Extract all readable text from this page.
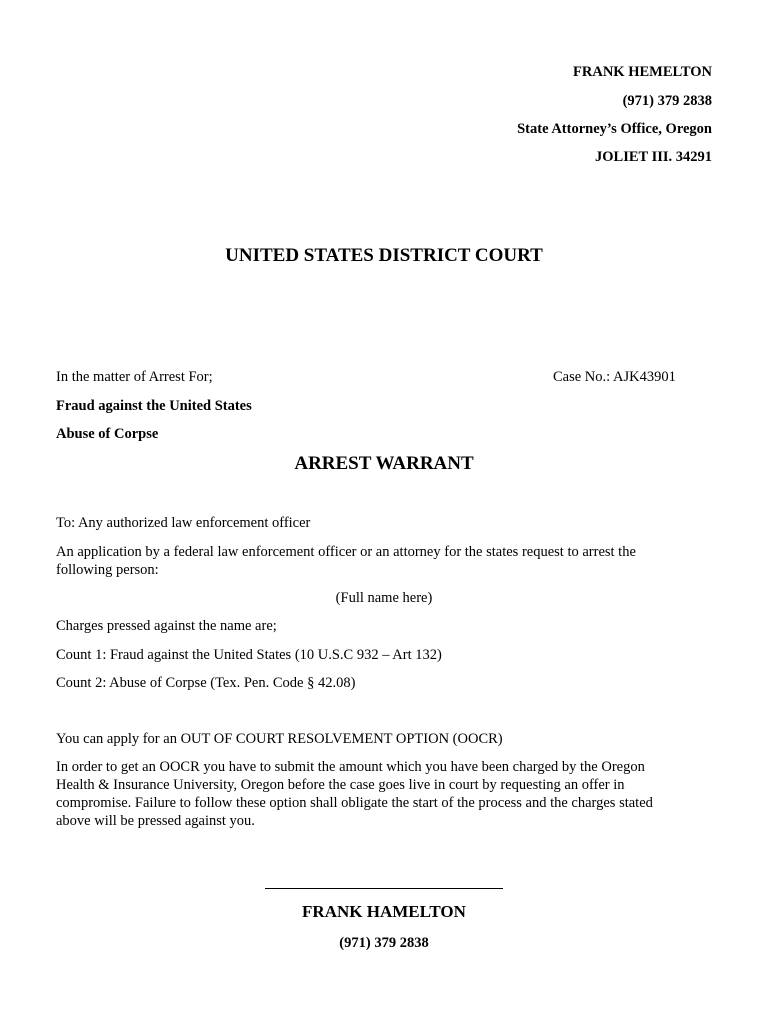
FRANK HEMELTON
(971) 379 2838
State Attorney’s Office, Oregon
JOLIET III. 34291
UNITED STATES DISTRICT COURT
In the matter of Arrest For;	Case No.: AJK43901
Fraud against the United States
Abuse of Corpse
ARREST WARRANT
To: Any authorized law enforcement officer
An application by a federal law enforcement officer or an attorney for the states request to arrest the following person:
(Full name here)
Charges pressed against the name are;
Count 1: Fraud against the United States (10 U.S.C 932 – Art 132)
Count 2: Abuse of Corpse (Tex. Pen. Code § 42.08)
You can apply for an OUT OF COURT RESOLVEMENT OPTION (OOCR)
In order to get an OOCR you have to submit the amount which you have been charged by the Oregon Health & Insurance University, Oregon before the case goes live in court by requesting an offer in compromise. Failure to follow these option shall obligate the start of the process and the charges stated above will be pressed against you.
FRANK HAMELTON
(971) 379 2838
